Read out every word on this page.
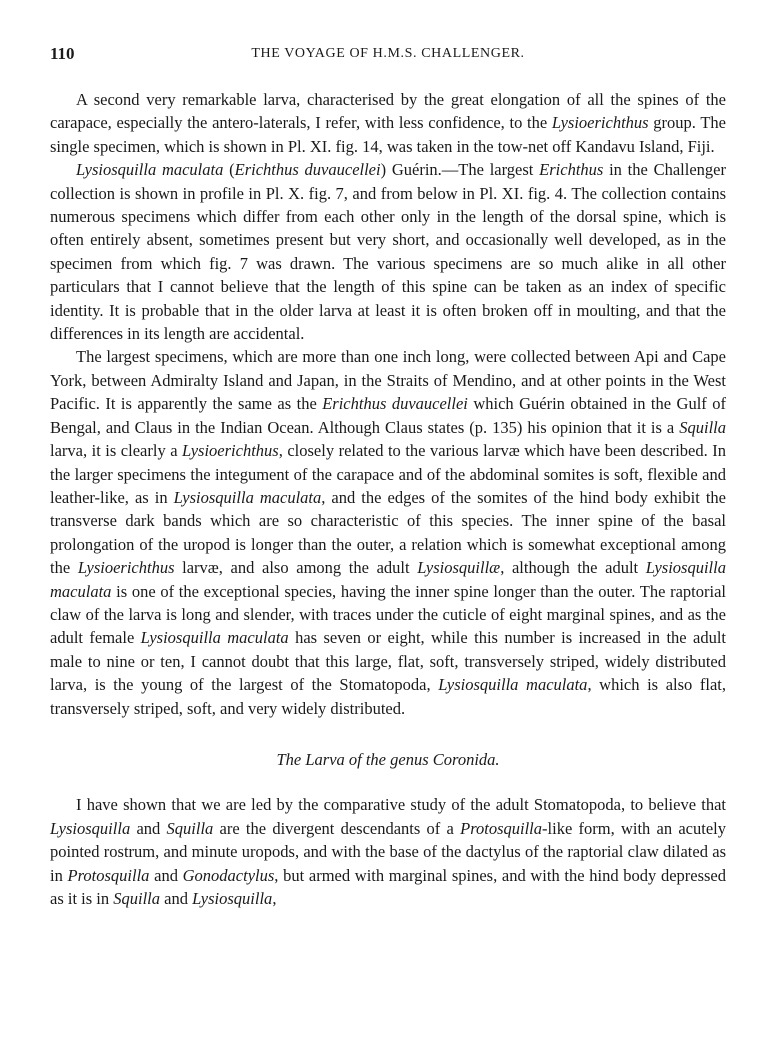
110	THE VOYAGE OF H.M.S. CHALLENGER.

A second very remarkable larva, characterised by the great elongation of all the spines of the carapace, especially the antero-laterals, I refer, with less confidence, to the Lysioerichthus group. The single specimen, which is shown in Pl. XI. fig. 14, was taken in the tow-net off Kandavu Island, Fiji.

Lysiosquilla maculata (Erichthus duvaucellei) Guérin.—The largest Erichthus in the Challenger collection is shown in profile in Pl. X. fig. 7, and from below in Pl. XI. fig. 4. The collection contains numerous specimens which differ from each other only in the length of the dorsal spine, which is often entirely absent, sometimes present but very short, and occasionally well developed, as in the specimen from which fig. 7 was drawn. The various specimens are so much alike in all other particulars that I cannot believe that the length of this spine can be taken as an index of specific identity. It is probable that in the older larva at least it is often broken off in moulting, and that the differences in its length are accidental.

The largest specimens, which are more than one inch long, were collected between Api and Cape York, between Admiralty Island and Japan, in the Straits of Mendino, and at other points in the West Pacific. It is apparently the same as the Erichthus duvaucellei which Guérin obtained in the Gulf of Bengal, and Claus in the Indian Ocean. Although Claus states (p. 135) his opinion that it is a Squilla larva, it is clearly a Lysioerichthus, closely related to the various larvæ which have been described. In the larger specimens the integument of the carapace and of the abdominal somites is soft, flexible and leather-like, as in Lysiosquilla maculata, and the edges of the somites of the hind body exhibit the transverse dark bands which are so characteristic of this species. The inner spine of the basal prolongation of the uropod is longer than the outer, a relation which is somewhat exceptional among the Lysioerichthus larvæ, and also among the adult Lysiosquillæ, although the adult Lysiosquilla maculata is one of the exceptional species, having the inner spine longer than the outer. The raptorial claw of the larva is long and slender, with traces under the cuticle of eight marginal spines, and as the adult female Lysiosquilla maculata has seven or eight, while this number is increased in the adult male to nine or ten, I cannot doubt that this large, flat, soft, transversely striped, widely distributed larva, is the young of the largest of the Stomatopoda, Lysiosquilla maculata, which is also flat, transversely striped, soft, and very widely distributed.

The Larva of the genus Coronida.

I have shown that we are led by the comparative study of the adult Stomatopoda, to believe that Lysiosquilla and Squilla are the divergent descendants of a Protosquilla-like form, with an acutely pointed rostrum, and minute uropods, and with the base of the dactylus of the raptorial claw dilated as in Protosquilla and Gonodactylus, but armed with marginal spines, and with the hind body depressed as it is in Squilla and Lysiosquilla,
